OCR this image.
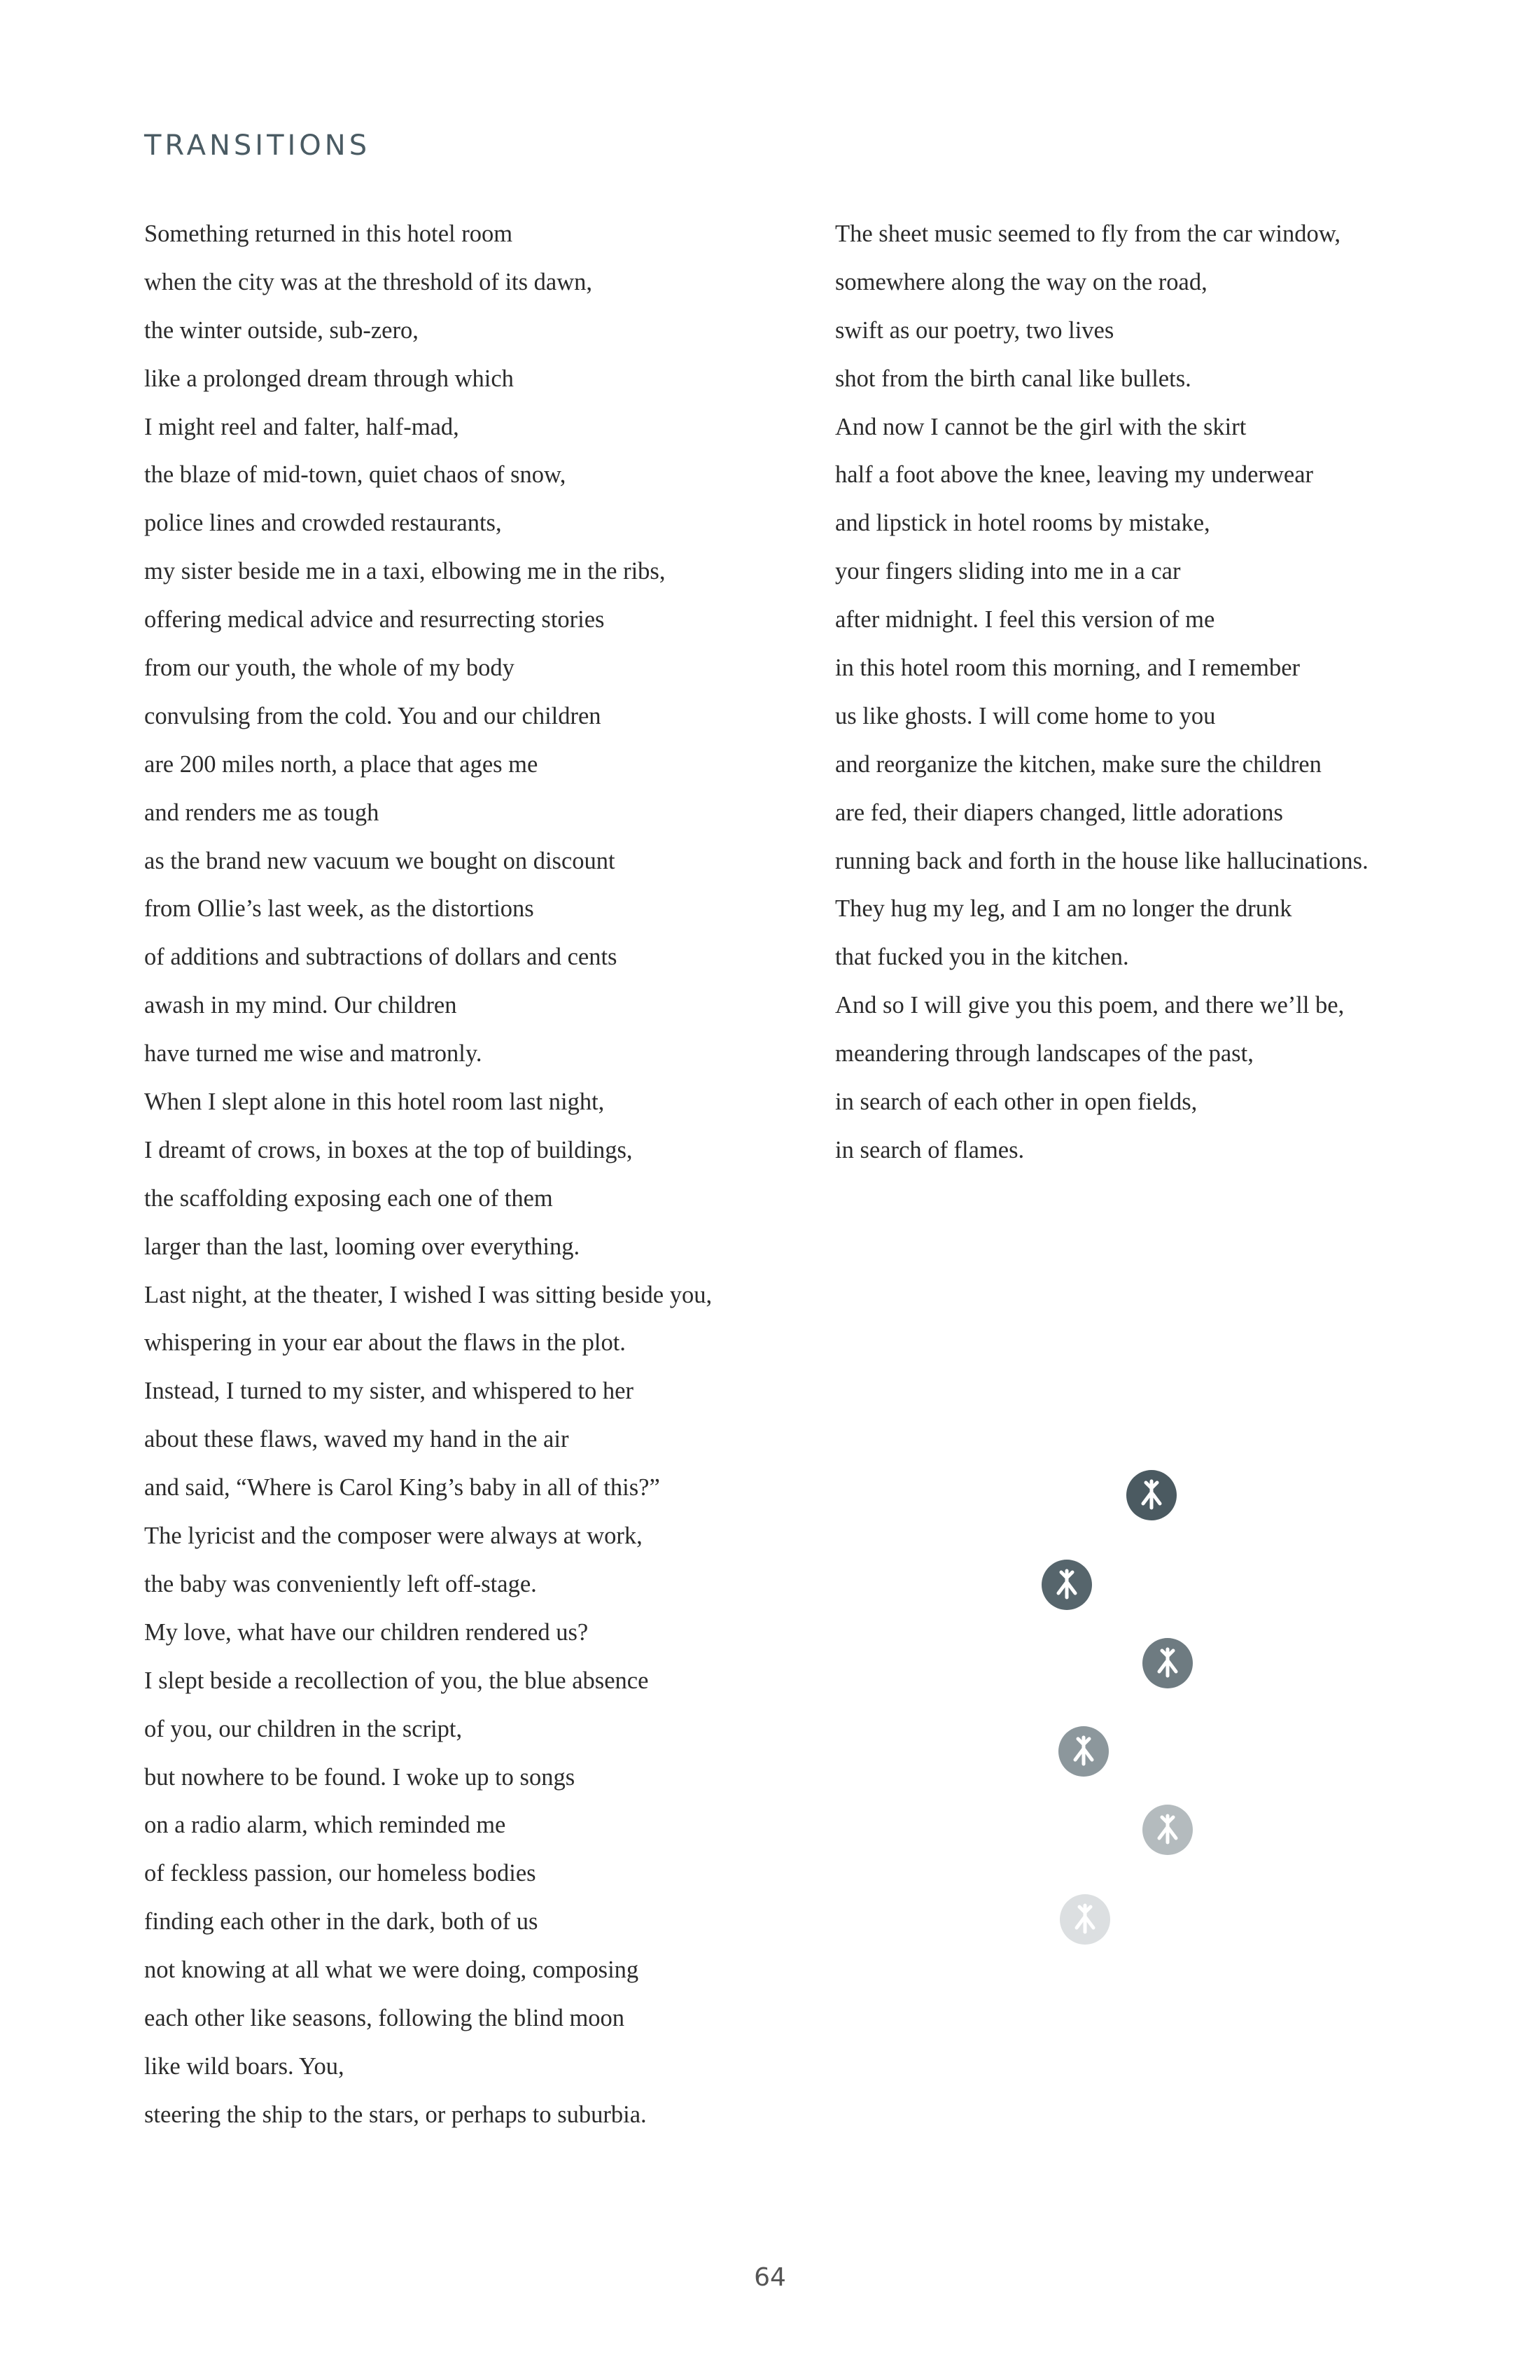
TRANSITIONS
Something returned in this hotel room
when the city was at the threshold of its dawn,
the winter outside, sub-zero,
like a prolonged dream through which
I might reel and falter, half-mad,
the blaze of mid-town, quiet chaos of snow,
police lines and crowded restaurants,
my sister beside me in a taxi, elbowing me in the ribs,
offering medical advice and resurrecting stories
from our youth, the whole of my body
convulsing from the cold. You and our children
are 200 miles north, a place that ages me
and renders me as tough
as the brand new vacuum we bought on discount
from Ollie’s last week, as the distortions
of additions and subtractions of dollars and cents
awash in my mind. Our children
have turned me wise and matronly.
When I slept alone in this hotel room last night,
I dreamt of crows, in boxes at the top of buildings,
the scaffolding exposing each one of them
larger than the last, looming over everything.
Last night, at the theater, I wished I was sitting beside you,
whispering in your ear about the flaws in the plot.
Instead, I turned to my sister, and whispered to her
about these flaws, waved my hand in the air
and said, “Where is Carol King’s baby in all of this?”
The lyricist and the composer were always at work,
the baby was conveniently left off-stage.
My love, what have our children rendered us?
I slept beside a recollection of you, the blue absence
of you, our children in the script,
but nowhere to be found. I woke up to songs
on a radio alarm, which reminded me
of feckless passion, our homeless bodies
finding each other in the dark, both of us
not knowing at all what we were doing, composing
each other like seasons, following the blind moon
like wild boars. You,
steering the ship to the stars, or perhaps to suburbia.
The sheet music seemed to fly from the car window,
somewhere along the way on the road,
swift as our poetry, two lives
shot from the birth canal like bullets.
And now I cannot be the girl with the skirt
half a foot above the knee, leaving my underwear
and lipstick in hotel rooms by mistake,
your fingers sliding into me in a car
after midnight. I feel this version of me
in this hotel room this morning, and I remember
us like ghosts. I will come home to you
and reorganize the kitchen, make sure the children
are fed, their diapers changed, little adorations
running back and forth in the house like hallucinations.
They hug my leg, and I am no longer the drunk
that fucked you in the kitchen.
And so I will give you this poem, and there we’ll be,
meandering through landscapes of the past,
in search of each other in open fields,
in search of flames.
64
